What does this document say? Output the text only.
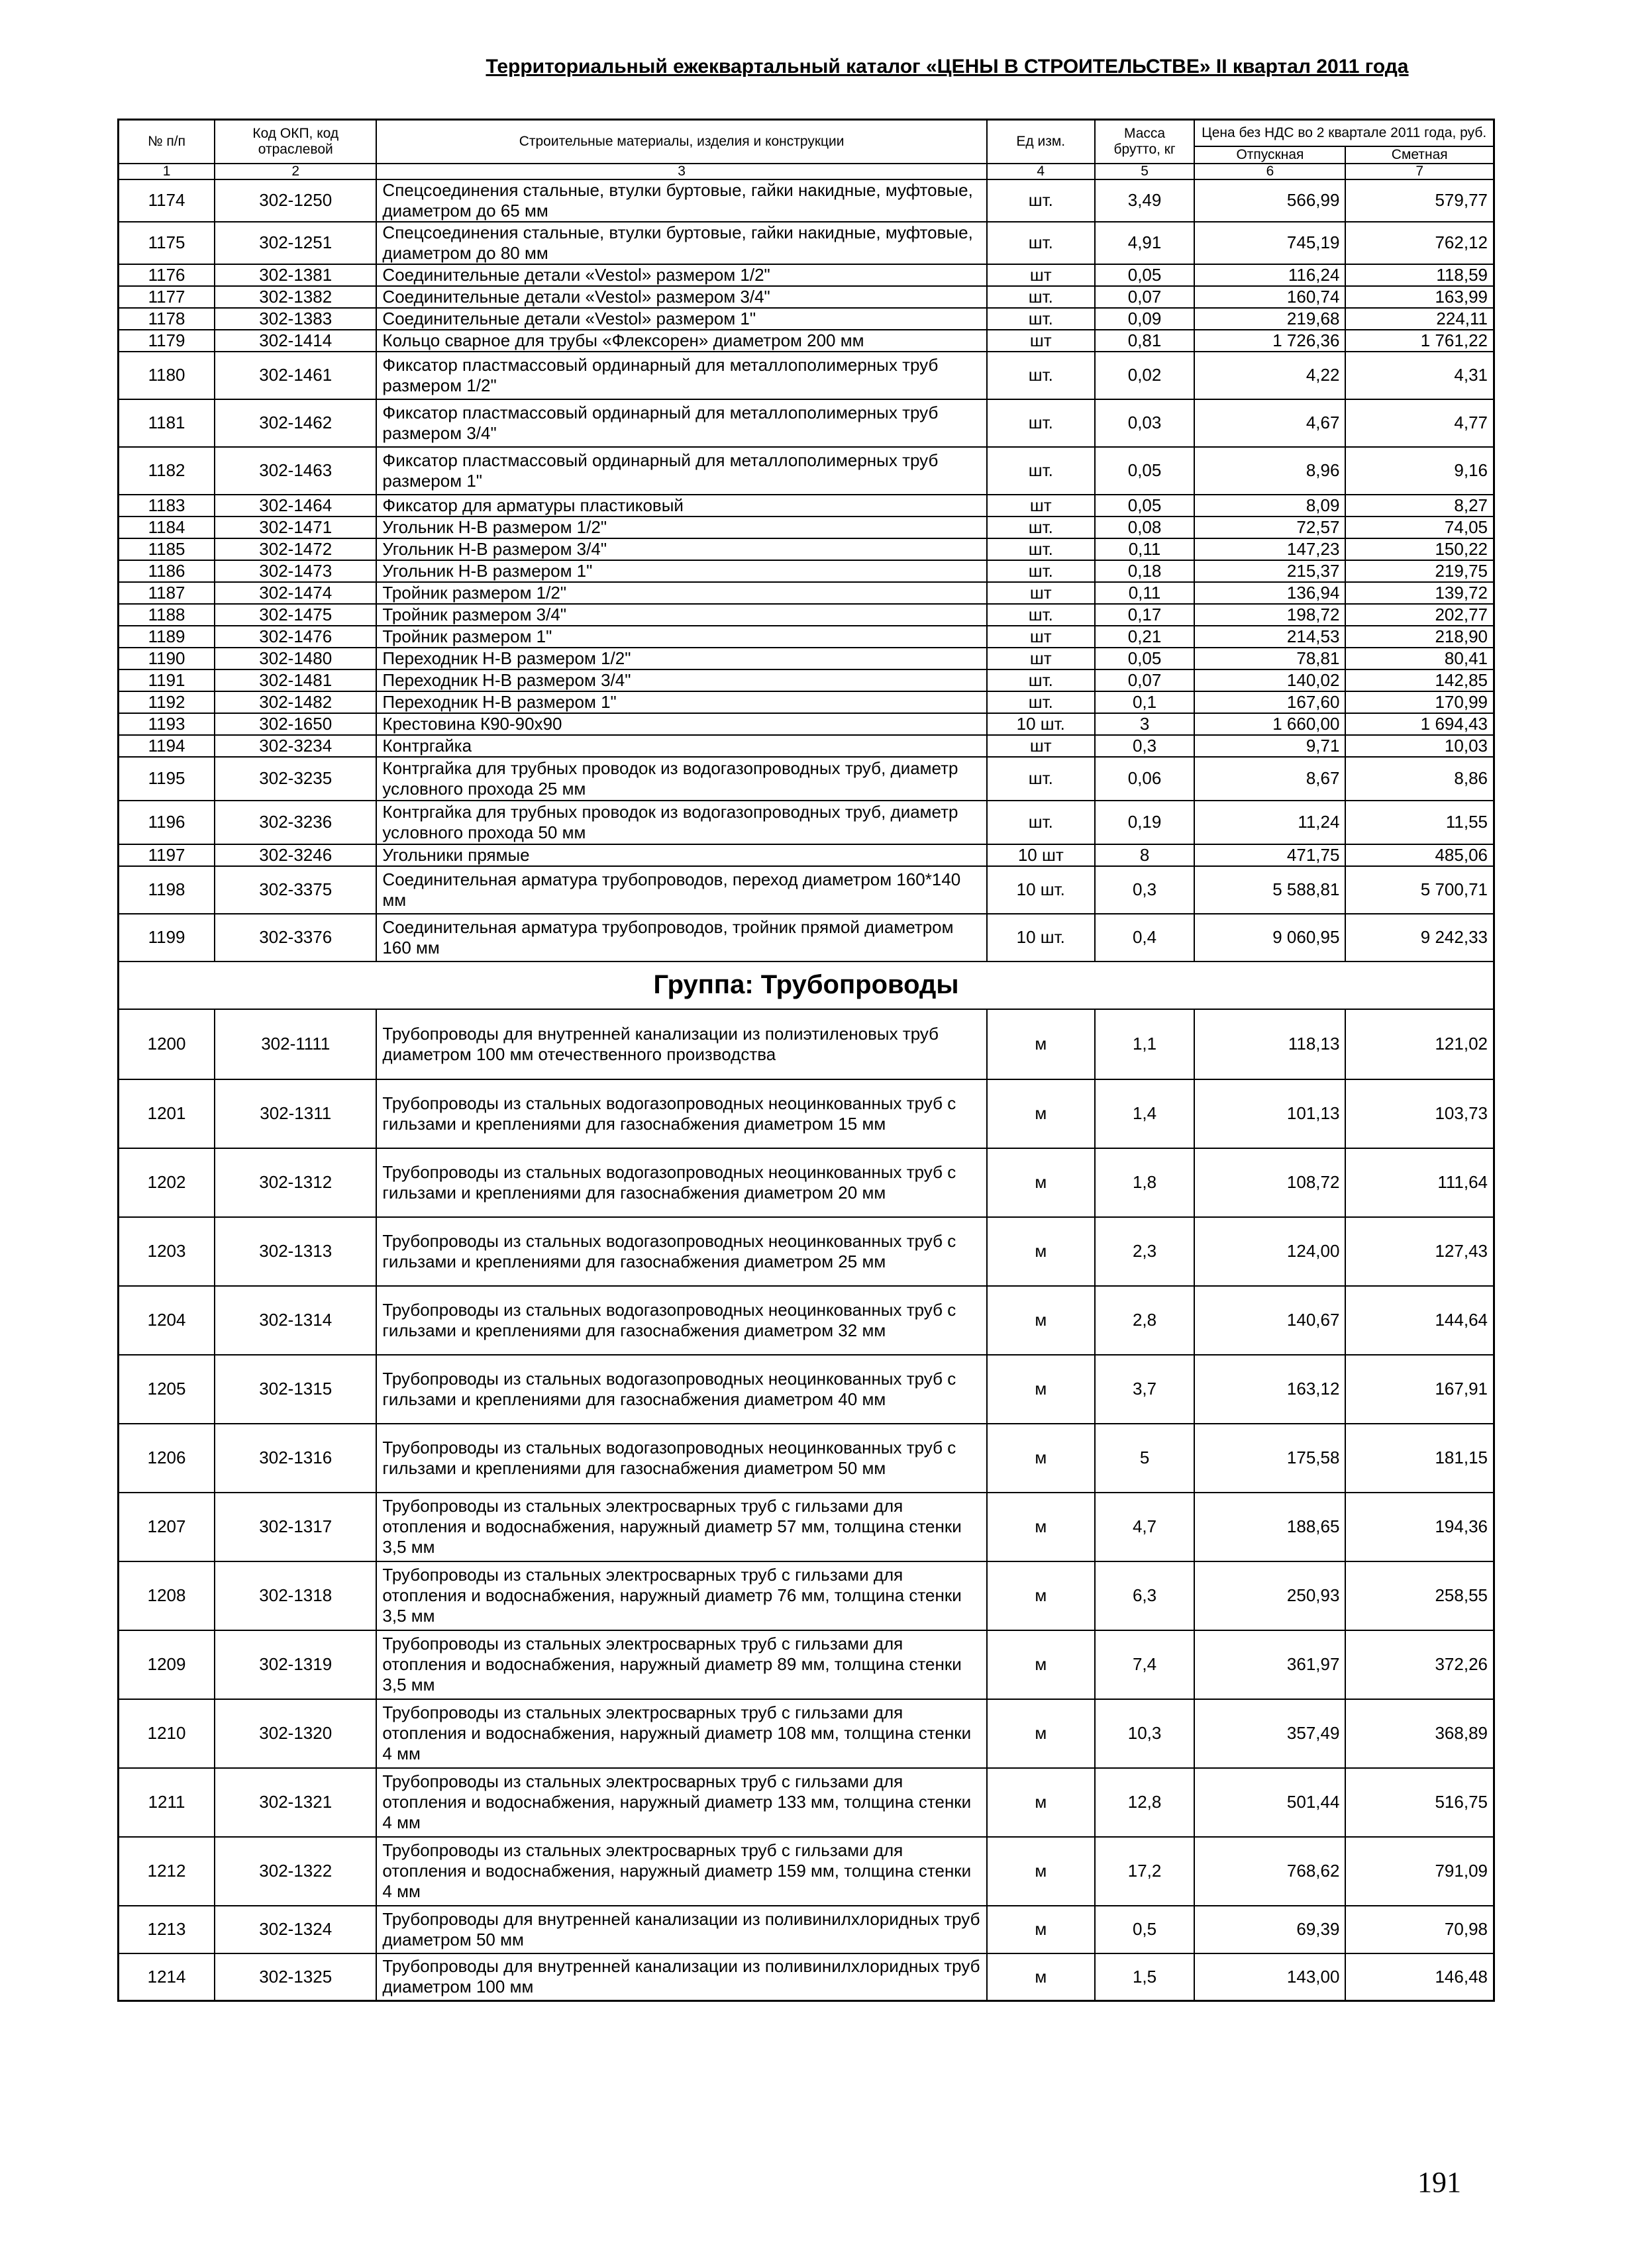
Территориальный ежеквартальный каталог «ЦЕНЫ В СТРОИТЕЛЬСТВЕ» II квартал 2011 года
№ п/п	Код ОКП, код отраслевой	Строительные материалы, изделия и конструкции	Ед изм.	Масса брутто, кг	Цена без НДС во 2 квартале 2011 года, руб.	
					Отпускная	Сметная
1	2	3	4	5	6	7
1174	302-1250	Спецсоединения стальные, втулки буртовые, гайки накидные, муфтовые, диаметром до 65 мм	шт.	3,49	566,99	579,77
1175	302-1251	Спецсоединения стальные, втулки буртовые, гайки накидные, муфтовые, диаметром до 80 мм	шт.	4,91	745,19	762,12
1176	302-1381	Соединительные детали «Vestol» размером 1/2"	шт	0,05	116,24	118,59
1177	302-1382	Соединительные детали «Vestol» размером 3/4"	шт.	0,07	160,74	163,99
1178	302-1383	Соединительные детали «Vestol» размером 1"	шт.	0,09	219,68	224,11
1179	302-1414	Кольцо сварное для трубы «Флексорен» диаметром 200 мм	шт	0,81	1 726,36	1 761,22
1180	302-1461	Фиксатор пластмассовый ординарный для металлополимерных труб размером 1/2"	шт.	0,02	4,22	4,31
1181	302-1462	Фиксатор пластмассовый ординарный для металлополимерных труб размером 3/4"	шт.	0,03	4,67	4,77
1182	302-1463	Фиксатор пластмассовый ординарный для металлополимерных труб размером 1"	шт.	0,05	8,96	9,16
1183	302-1464	Фиксатор для арматуры пластиковый	шт	0,05	8,09	8,27
1184	302-1471	Угольник Н-В размером 1/2"	шт.	0,08	72,57	74,05
1185	302-1472	Угольник Н-В размером 3/4"	шт.	0,11	147,23	150,22
1186	302-1473	Угольник Н-В размером 1"	шт.	0,18	215,37	219,75
1187	302-1474	Тройник размером 1/2"	шт	0,11	136,94	139,72
1188	302-1475	Тройник размером 3/4"	шт.	0,17	198,72	202,77
1189	302-1476	Тройник размером 1"	шт	0,21	214,53	218,90
1190	302-1480	Переходник Н-В размером 1/2"	шт	0,05	78,81	80,41
1191	302-1481	Переходник Н-В размером 3/4"	шт.	0,07	140,02	142,85
1192	302-1482	Переходник Н-В размером 1"	шт.	0,1	167,60	170,99
1193	302-1650	Крестовина К90-90х90	10 шт.	3	1 660,00	1 694,43
1194	302-3234	Контргайка	шт	0,3	9,71	10,03
1195	302-3235	Контргайка для трубных проводок из водогазопроводных труб, диаметр условного прохода 25 мм	шт.	0,06	8,67	8,86
1196	302-3236	Контргайка для трубных проводок из водогазопроводных труб, диаметр условного прохода 50 мм	шт.	0,19	11,24	11,55
1197	302-3246	Угольники прямые	10 шт	8	471,75	485,06
1198	302-3375	Соединительная арматура трубопроводов, переход диаметром 160*140 мм	10 шт.	0,3	5 588,81	5 700,71
1199	302-3376	Соединительная арматура трубопроводов, тройник прямой диаметром 160 мм	10 шт.	0,4	9 060,95	9 242,33
Группа: Трубопроводы						
1200	302-1111	Трубопроводы для внутренней канализации из полиэтиленовых труб диаметром 100 мм отечественного производства	м	1,1	118,13	121,02
1201	302-1311	Трубопроводы из стальных водогазопроводных неоцинкованных труб с гильзами и креплениями для газоснабжения диаметром 15 мм	м	1,4	101,13	103,73
1202	302-1312	Трубопроводы из стальных водогазопроводных неоцинкованных труб с гильзами и креплениями для газоснабжения диаметром 20 мм	м	1,8	108,72	111,64
1203	302-1313	Трубопроводы из стальных водогазопроводных неоцинкованных труб с гильзами и креплениями для газоснабжения диаметром 25 мм	м	2,3	124,00	127,43
1204	302-1314	Трубопроводы из стальных водогазопроводных неоцинкованных труб с гильзами и креплениями для газоснабжения диаметром 32 мм	м	2,8	140,67	144,64
1205	302-1315	Трубопроводы из стальных водогазопроводных неоцинкованных труб с гильзами и креплениями для газоснабжения диаметром 40 мм	м	3,7	163,12	167,91
1206	302-1316	Трубопроводы из стальных водогазопроводных неоцинкованных труб с гильзами и креплениями для газоснабжения диаметром 50 мм	м	5	175,58	181,15
1207	302-1317	Трубопроводы из стальных электросварных труб с гильзами для отопления и водоснабжения, наружный диаметр 57 мм, толщина стенки 3,5 мм	м	4,7	188,65	194,36
1208	302-1318	Трубопроводы из стальных электросварных труб с гильзами для отопления и водоснабжения, наружный диаметр 76 мм, толщина стенки 3,5 мм	м	6,3	250,93	258,55
1209	302-1319	Трубопроводы из стальных электросварных труб с гильзами для отопления и водоснабжения, наружный диаметр 89 мм, толщина стенки 3,5 мм	м	7,4	361,97	372,26
1210	302-1320	Трубопроводы из стальных электросварных труб с гильзами для отопления и водоснабжения, наружный диаметр 108 мм, толщина стенки 4 мм	м	10,3	357,49	368,89
1211	302-1321	Трубопроводы из стальных электросварных труб с гильзами для отопления и водоснабжения, наружный диаметр 133 мм, толщина стенки 4 мм	м	12,8	501,44	516,75
1212	302-1322	Трубопроводы из стальных электросварных труб с гильзами для отопления и водоснабжения, наружный диаметр 159 мм, толщина стенки 4 мм	м	17,2	768,62	791,09
1213	302-1324	Трубопроводы для внутренней канализации из поливинилхлоридных труб диаметром 50 мм	м	0,5	69,39	70,98
1214	302-1325	Трубопроводы для внутренней канализации из поливинилхлоридных труб диаметром 100 мм	м	1,5	143,00	146,48
191
